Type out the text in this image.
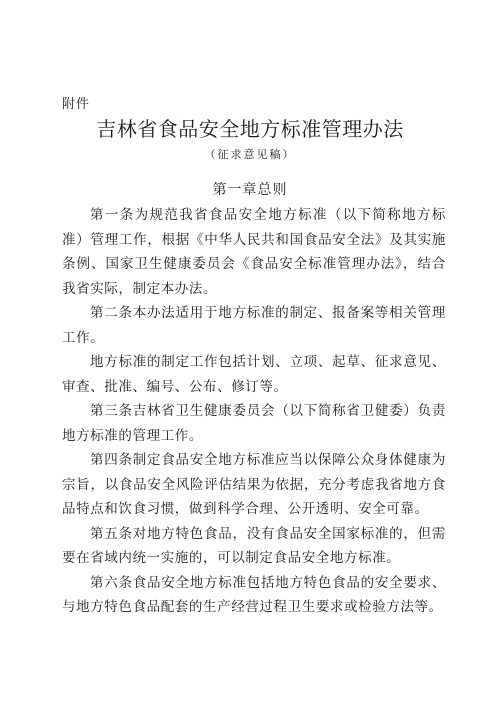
附件
吉林省食品安全地方标准管理办法
（征求意见稿）
第一章总则

第一条为规范我省食品安全地方标准（以下简称地方标准）管理工作，根据《中华人民共和国食品安全法》及其实施条例、国家卫生健康委员会《食品安全标准管理办法》，结合我省实际，制定本办法。

第二条本办法适用于地方标准的制定、报备案等相关管理工作。

地方标准的制定工作包括计划、立项、起草、征求意见、审查、批准、编号、公布、修订等。

第三条吉林省卫生健康委员会（以下简称省卫健委）负责地方标准的管理工作。

第四条制定食品安全地方标准应当以保障公众身体健康为宗旨，以食品安全风险评估结果为依据，充分考虑我省地方食品特点和饮食习惯，做到科学合理、公开透明、安全可靠。

第五条对地方特色食品，没有食品安全国家标准的，但需要在省域内统一实施的，可以制定食品安全地方标准。

第六条食品安全地方标准包括地方特色食品的安全要求、与地方特色食品配套的生产经营过程卫生要求或检验方法等。
